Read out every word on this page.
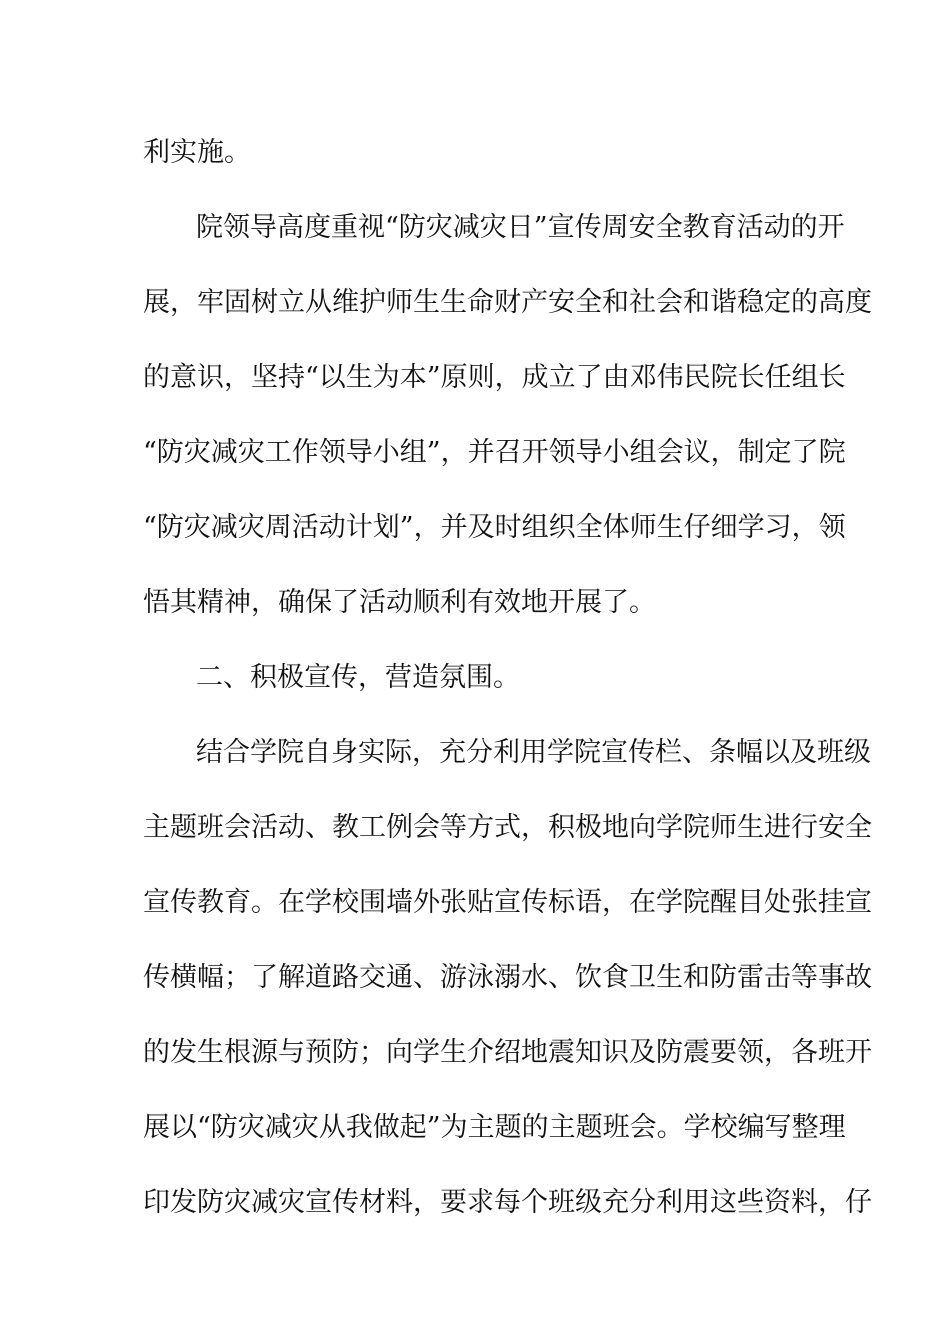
利实施。
院领导高度重视“防灾减灾日”宣传周安全教育活动的开
展，牢固树立从维护师生生命财产安全和社会和谐稳定的高度
的意识，坚持“以生为本”原则，成立了由邓伟民院长任组长
“防灾减灾工作领导小组”，并召开领导小组会议，制定了院
“防灾减灾周活动计划”，并及时组织全体师生仔细学习，领
悟其精神，确保了活动顺利有效地开展了。
二、积极宣传，营造氛围。
结合学院自身实际，充分利用学院宣传栏、条幅以及班级
主题班会活动、教工例会等方式，积极地向学院师生进行安全
宣传教育。在学校围墙外张贴宣传标语，在学院醒目处张挂宣
传横幅；了解道路交通、游泳溺水、饮食卫生和防雷击等事故
的发生根源与预防；向学生介绍地震知识及防震要领，各班开
展以“防灾减灾从我做起”为主题的主题班会。学校编写整理
印发防灾减灾宣传材料，要求每个班级充分利用这些资料，仔
